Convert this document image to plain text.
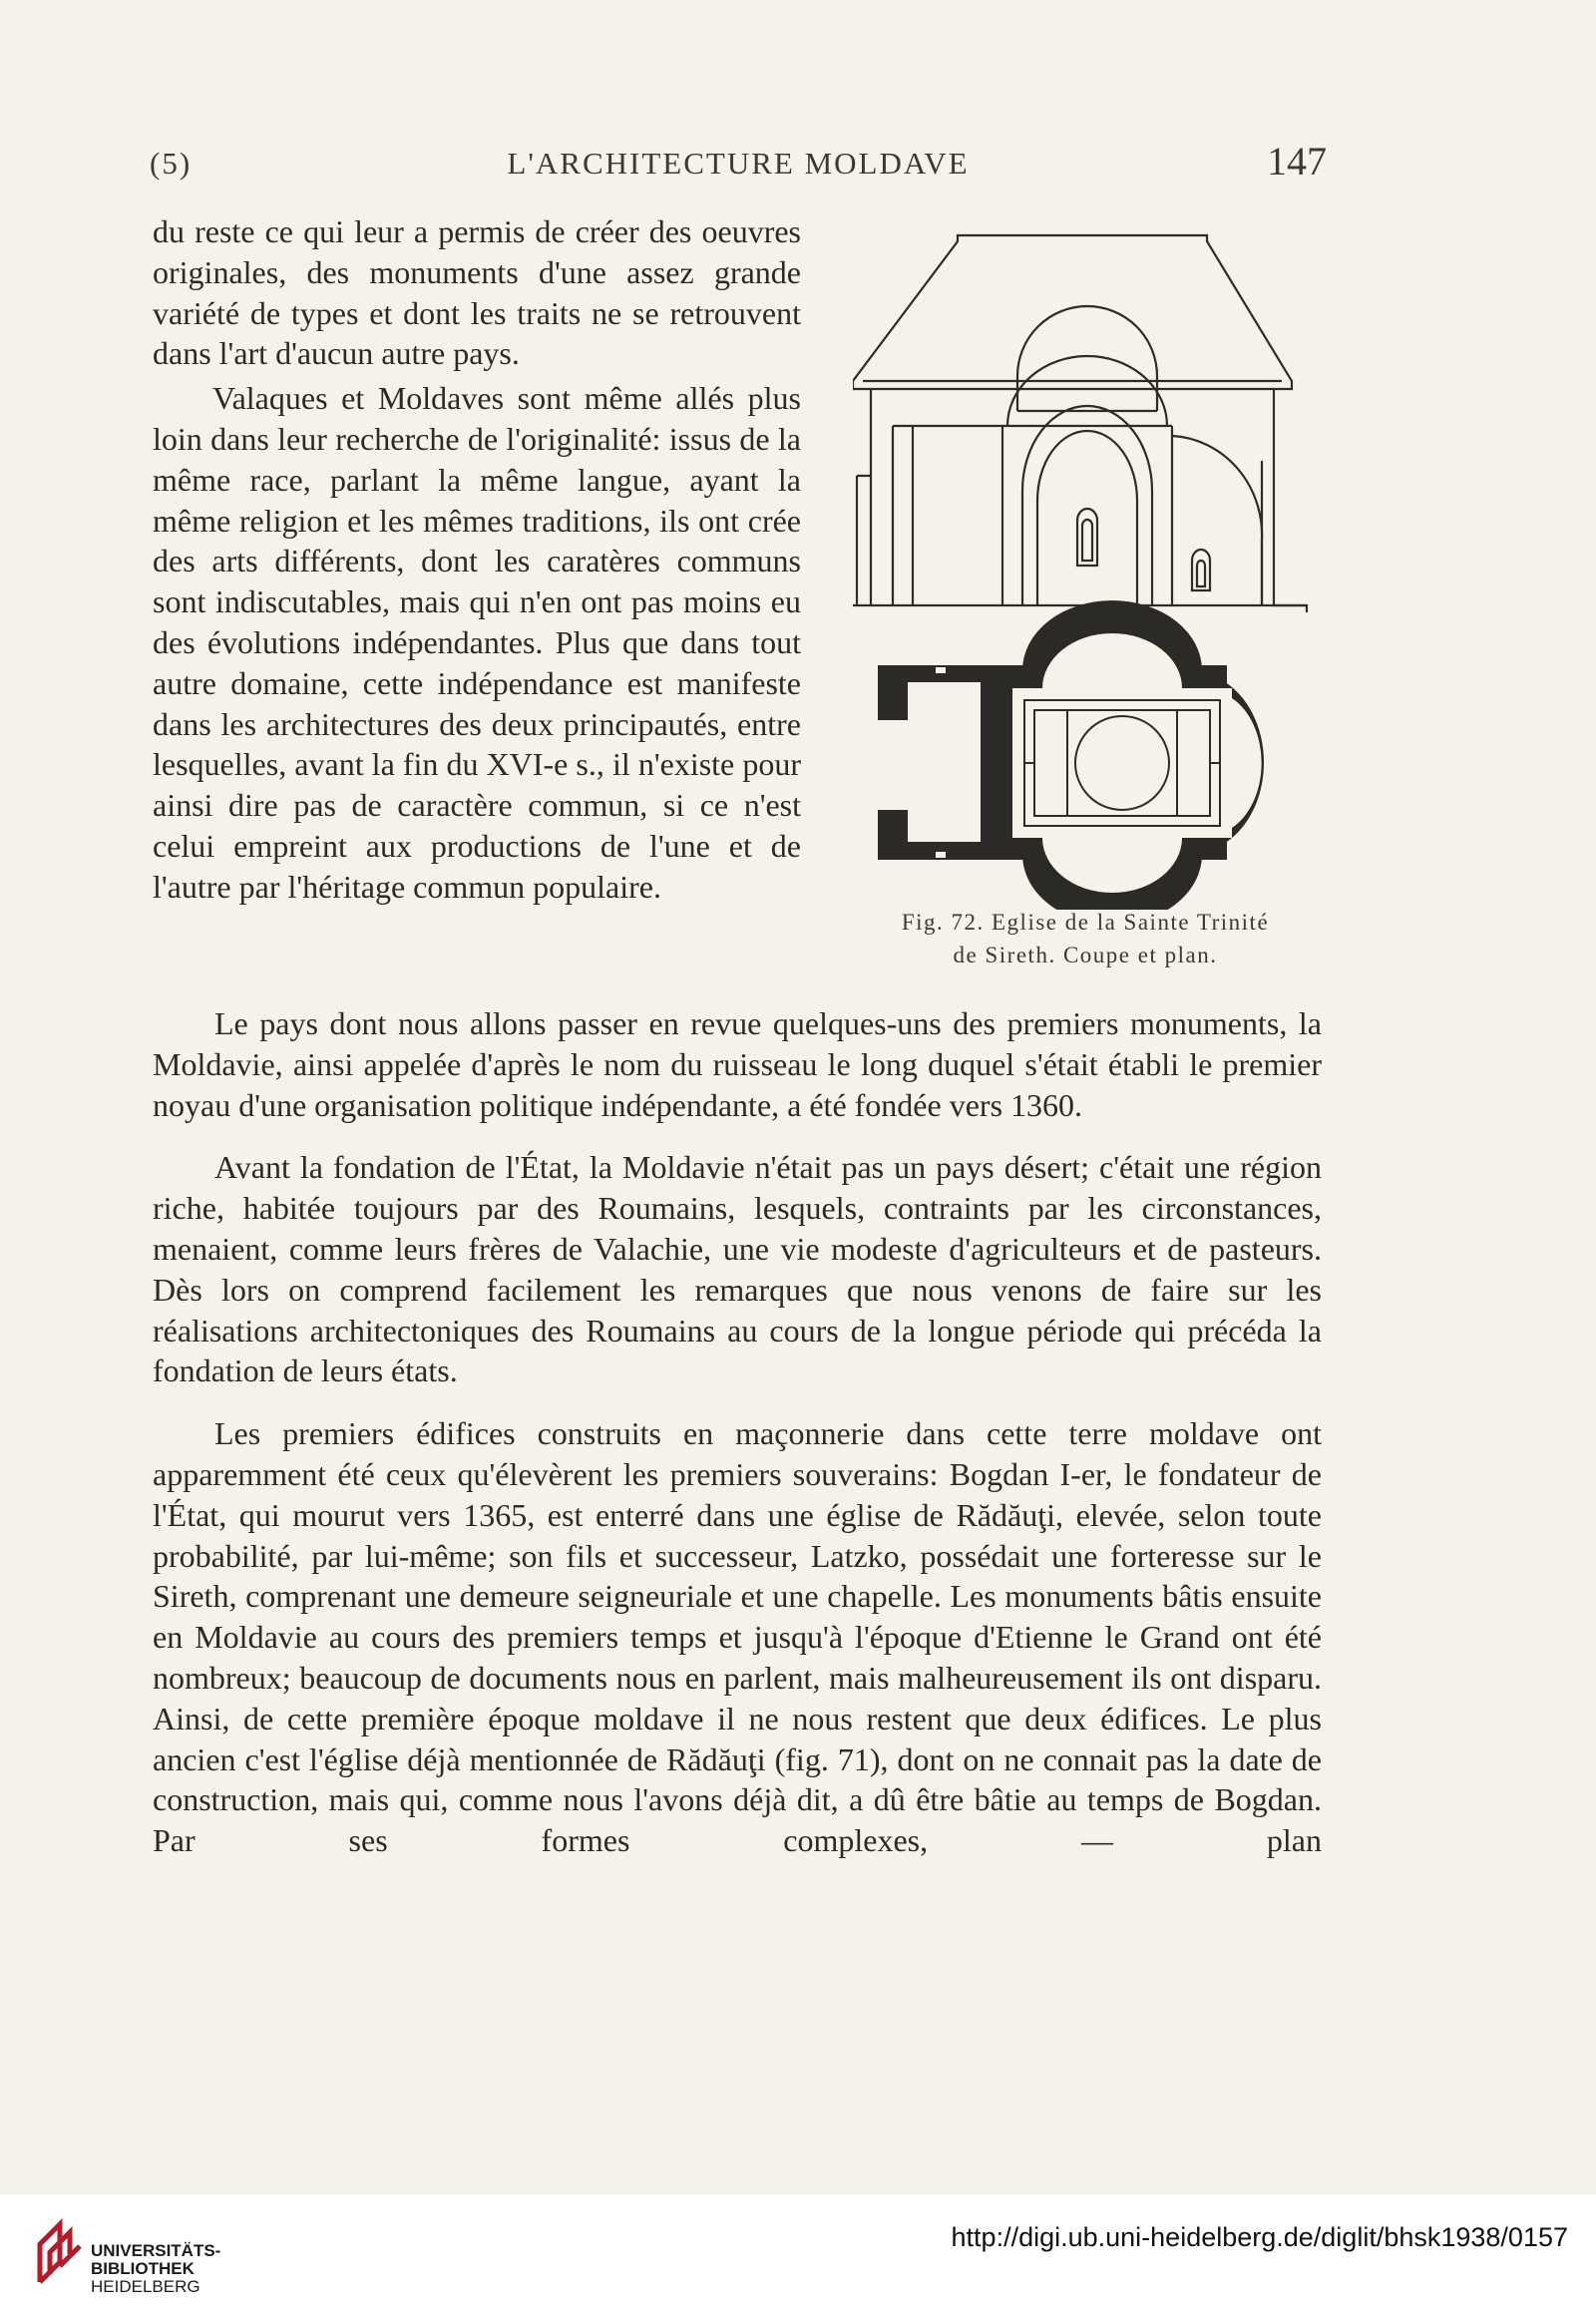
(5)	L'ARCHITECTURE MOLDAVE	147

du reste ce qui leur a permis de créer des oeuvres originales, des monuments d'une assez grande variété de types et dont les traits ne se retrouvent dans l'art d'aucun autre pays.

Valaques et Moldaves sont même allés plus loin dans leur recherche de l'originalité: issus de la même race, parlant la même langue, ayant la même religion et les mêmes traditions, ils ont crée des arts différents, dont les caratères communs sont indiscutables, mais qui n'en ont pas moins eu des évolutions indépendantes. Plus que dans tout autre domaine, cette indépendance est manifeste dans les architectures des deux principautés, entre lesquelles, avant la fin du XVI-e s., il n'existe pour ainsi dire pas de caractère commun, si ce n'est celui empreint aux productions de l'une et de l'autre par l'héritage commun populaire.

Fig. 72. Eglise de la Sainte Trinité
de Sireth. Coupe et plan.

Le pays dont nous allons passer en revue quelques-uns des premiers monuments, la Moldavie, ainsi appelée d'après le nom du ruisseau le long duquel s'était établi le premier noyau d'une organisation politique indépendante, a été fondée vers 1360.

Avant la fondation de l'État, la Moldavie n'était pas un pays désert; c'était une région riche, habitée toujours par des Roumains, lesquels, contraints par les circonstances, menaient, comme leurs frères de Valachie, une vie modeste d'agriculteurs et de pasteurs. Dès lors on comprend facilement les remarques que nous venons de faire sur les réalisations architectoniques des Roumains au cours de la longue période qui précéda la fondation de leurs états.

Les premiers édifices construits en maçonnerie dans cette terre moldave ont apparemment été ceux qu'élevèrent les premiers souverains: Bogdan I-er, le fondateur de l'État, qui mourut vers 1365, est enterré dans une église de Rădăuţi, elevée, selon toute probabilité, par lui-même; son fils et successeur, Latzko, possédait une forteresse sur le Sireth, comprenant une demeure seigneuriale et une chapelle. Les monuments bâtis ensuite en Moldavie au cours des premiers temps et jusqu'à l'époque d'Etienne le Grand ont été nombreux; beaucoup de documents nous en parlent, mais malheureusement ils ont disparu. Ainsi, de cette première époque moldave il ne nous restent que deux édifices. Le plus ancien c'est l'église déjà mentionnée de Rădăuţi (fig. 71), dont on ne connait pas la date de construction, mais qui, comme nous l'avons déjà dit, a dû être bâtie au temps de Bogdan. Par ses formes complexes, — plan

UNIVERSITÄTS-
BIBLIOTHEK
HEIDELBERG
http://digi.ub.uni-heidelberg.de/diglit/bhsk1938/0157
